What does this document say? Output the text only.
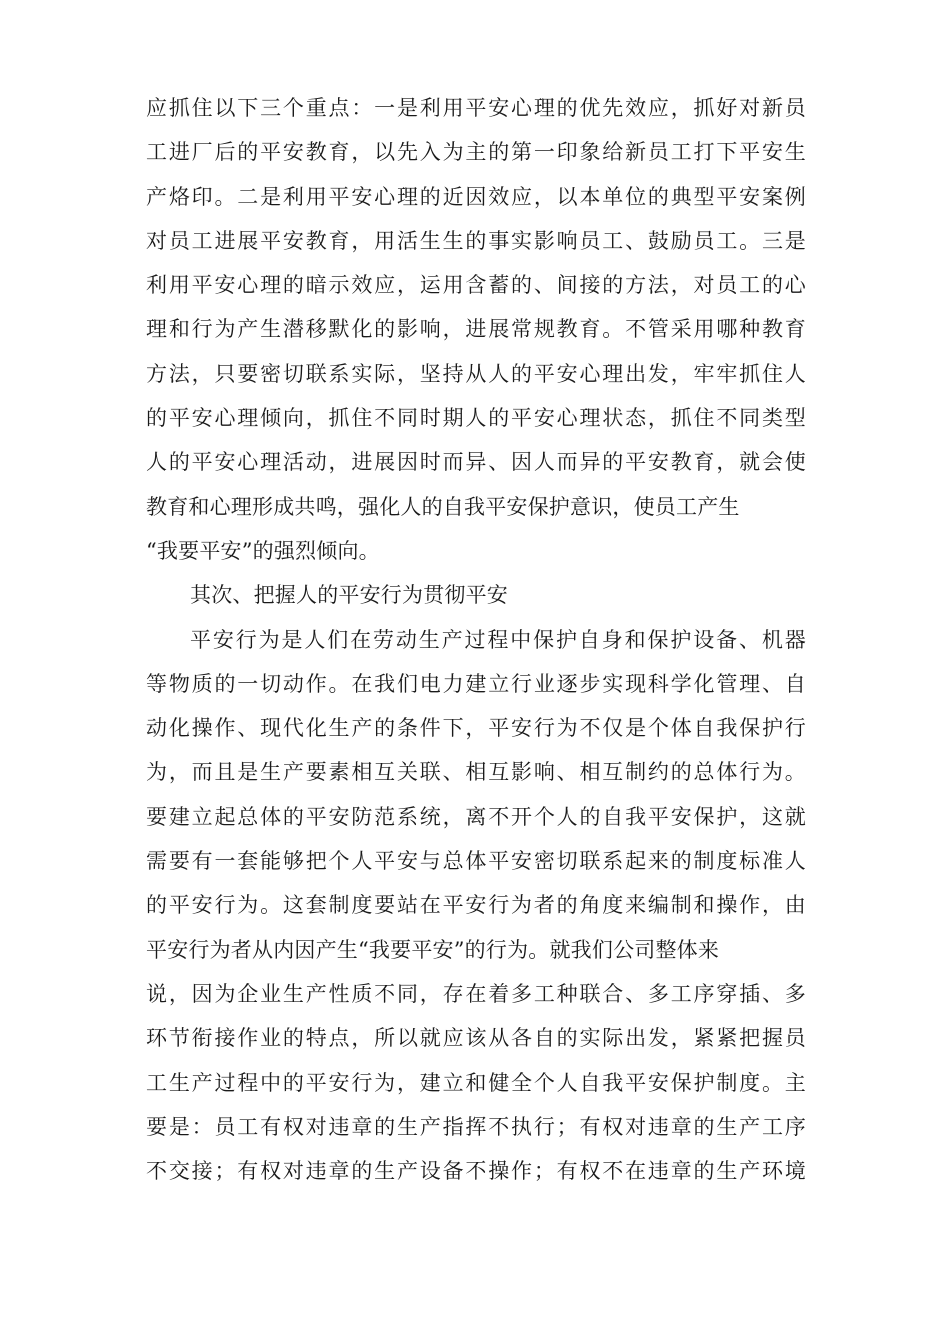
应抓住以下三个重点：一是利用平安心理的优先效应，抓好对新员
工进厂后的平安教育，以先入为主的第一印象给新员工打下平安生
产烙印。二是利用平安心理的近因效应，以本单位的典型平安案例
对员工进展平安教育，用活生生的事实影响员工、鼓励员工。三是
利用平安心理的暗示效应，运用含蓄的、间接的方法，对员工的心
理和行为产生潜移默化的影响，进展常规教育。不管采用哪种教育
方法，只要密切联系实际，坚持从人的平安心理出发，牢牢抓住人
的平安心理倾向，抓住不同时期人的平安心理状态，抓住不同类型
人的平安心理活动，进展因时而异、因人而异的平安教育，就会使
教育和心理形成共鸣，强化人的自我平安保护意识，使员工产生
“我要平安”的强烈倾向。
其次、把握人的平安行为贯彻平安
平安行为是人们在劳动生产过程中保护自身和保护设备、机器
等物质的一切动作。在我们电力建立行业逐步实现科学化管理、自
动化操作、现代化生产的条件下，平安行为不仅是个体自我保护行
为，而且是生产要素相互关联、相互影响、相互制约的总体行为。
要建立起总体的平安防范系统，离不开个人的自我平安保护，这就
需要有一套能够把个人平安与总体平安密切联系起来的制度标准人
的平安行为。这套制度要站在平安行为者的角度来编制和操作，由
平安行为者从内因产生“我要平安”的行为。就我们公司整体来
说，因为企业生产性质不同，存在着多工种联合、多工序穿插、多
环节衔接作业的特点，所以就应该从各自的实际出发，紧紧把握员
工生产过程中的平安行为，建立和健全个人自我平安保护制度。主
要是：员工有权对违章的生产指挥不执行；有权对违章的生产工序
不交接；有权对违章的生产设备不操作；有权不在违章的生产环境
